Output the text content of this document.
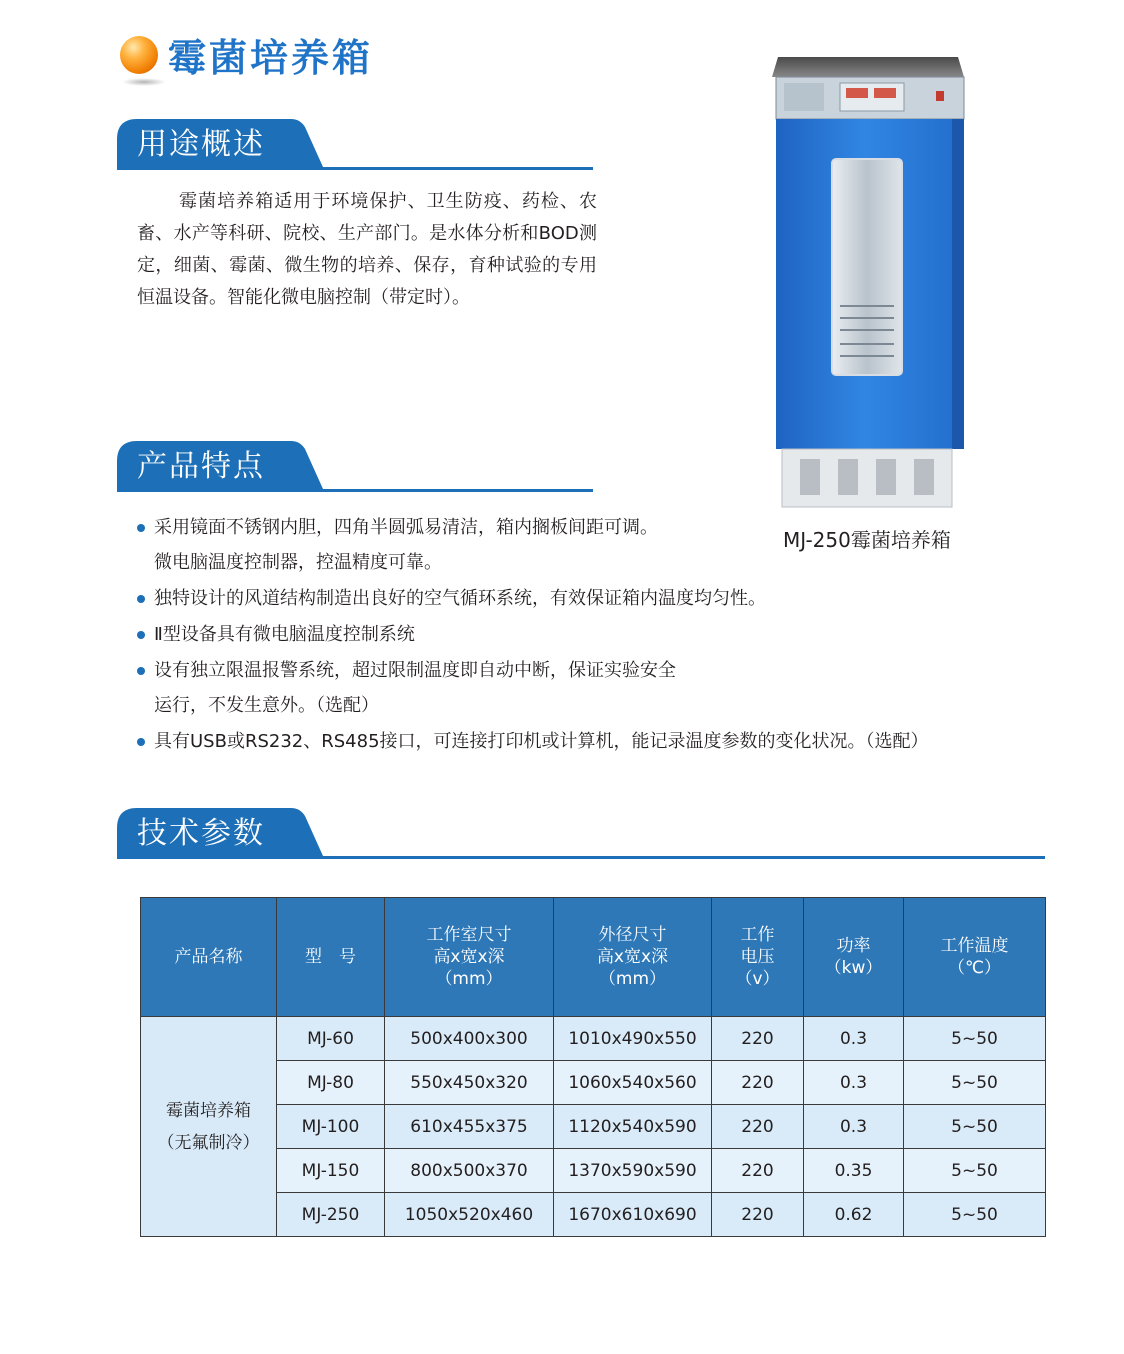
霉菌培养箱
用途概述
霉菌培养箱适用于环境保护、卫生防疫、药检、农畜、水产等科研、院校、生产部门。是水体分析和BOD测定，细菌、霉菌、微生物的培养、保存，育种试验的专用恒温设备。智能化微电脑控制（带定时）。
产品特点
采用镜面不锈钢内胆，四角半圆弧易清洁，箱内搁板间距可调。
微电脑温度控制器，控温精度可靠。
独特设计的风道结构制造出良好的空气循环系统，有效保证箱内温度均匀性。
Ⅱ型设备具有微电脑温度控制系统
设有独立限温报警系统，超过限制温度即自动中断，保证实验安全
运行，不发生意外。（选配）
具有USB或RS232、RS485接口，可连接打印机或计算机，能记录温度参数的变化状况。（选配）
MJ-250霉菌培养箱
技术参数
产品名称	型　号	工作室尺寸
高x宽x深
（mm）	外径尺寸
高x宽x深
（mm）	工作
电压
（v）	功率
（kw）	工作温度
（℃）
霉菌培养箱
（无氟制冷）	MJ-60	500x400x300	1010x490x550	220	0.3	5~50
	MJ-80	550x450x320	1060x540x560	220	0.3	5~50
	MJ-100	610x455x375	1120x540x590	220	0.3	5~50
	MJ-150	800x500x370	1370x590x590	220	0.35	5~50
	MJ-250	1050x520x460	1670x610x690	220	0.62	5~50
